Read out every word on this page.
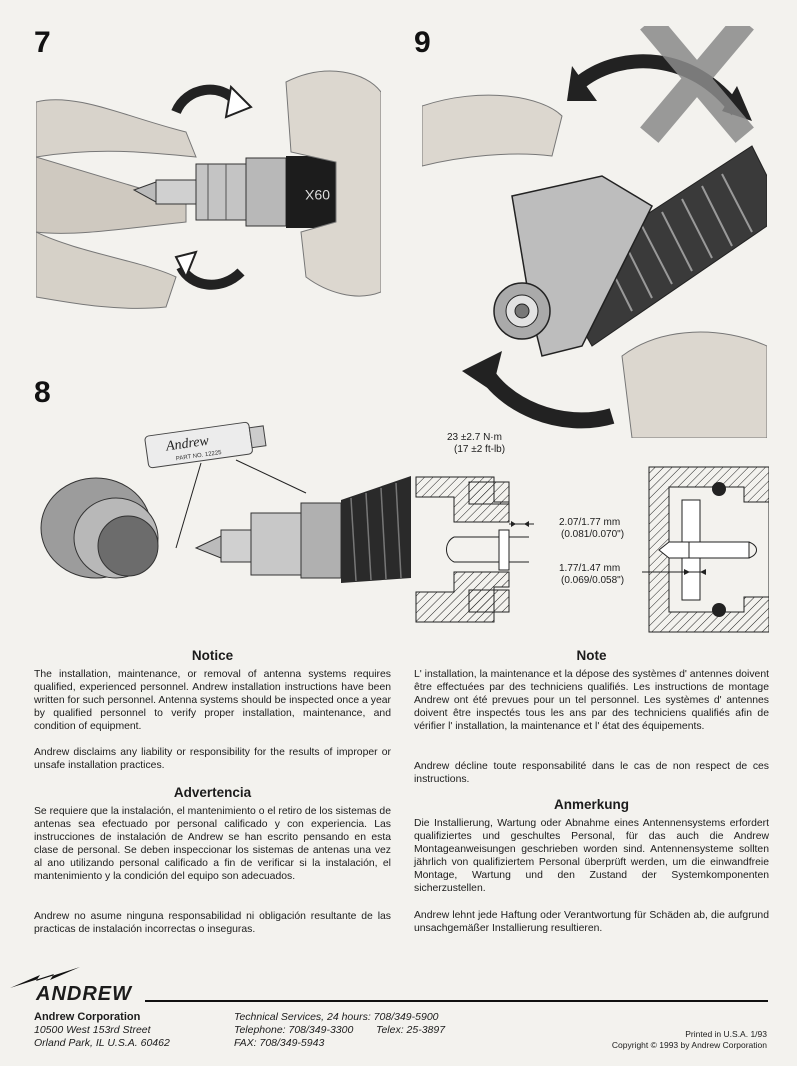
7	9
8
09X
Andrew
PART NO. 12225
23 ±2.7 N·m
(17 ±2 ft-lb)
2.07/1.77 mm
(0.081/0.070")
1.77/1.47 mm
(0.069/0.058")
Notice

The installation, maintenance, or removal of antenna systems requires qualified, experienced personnel. Andrew installation instructions have been written for such personnel. Antenna systems should be inspected once a year by qualified personnel to verify proper installation, maintenance, and condition of equipment.

Andrew disclaims any liability or responsibility for the results of improper or unsafe installation practices.

Advertencia

Se requiere que la instalación, el mantenimiento o el retiro de los sistemas de antenas sea efectuado por personal calificado y con experiencia. Las instrucciones de instalación de Andrew se han escrito pensando en esta clase de personal. Se deben inspeccionar los sistemas de antenas una vez al ano utilizando personal calificado a fin de verificar si la instalación, el mantenimiento y la condición del equipo son adecuados.

Andrew no asume ninguna responsabilidad ni obligación resultante de las practicas de instalación incorrectas o inseguras.

Note

L' installation, la maintenance et la dépose des systèmes d' antennes doivent être effectuées par des techniciens qualifiés. Les instructions de montage Andrew ont été prevues pour un tel personnel. Les systèmes d' antennes doivent être inspectés tous les ans par des techniciens qualifiés afin de vérifier l' installation, la maintenance et l' état des équipements.

Andrew décline toute responsabilité dans le cas de non respect de ces instructions.

Anmerkung

Die Installierung, Wartung oder Abnahme eines Antennensystems erfordert qualifiziertes und geschultes Personal, für das auch die Andrew Montageanweisungen geschrieben worden sind. Antennensysteme sollten jährlich von qualifiziertem Personal überprüft werden, um die einwandfreie Montage, Wartung und den Zustand der Systemkomponenten sicherzustellen.

Andrew lehnt jede Haftung oder Verantwortung für Schäden ab, die aufgrund unsachgemäßer Installierung resultieren.

ANDREW
Andrew Corporation
10500 West 153rd Street
Orland Park, IL U.S.A. 60462
Technical Services, 24 hours: 708/349-5900
Telephone: 708/349-3300 Telex: 25-3897
FAX: 708/349-5943
Printed in U.S.A. 1/93
Copyright © 1993 by Andrew Corporation
